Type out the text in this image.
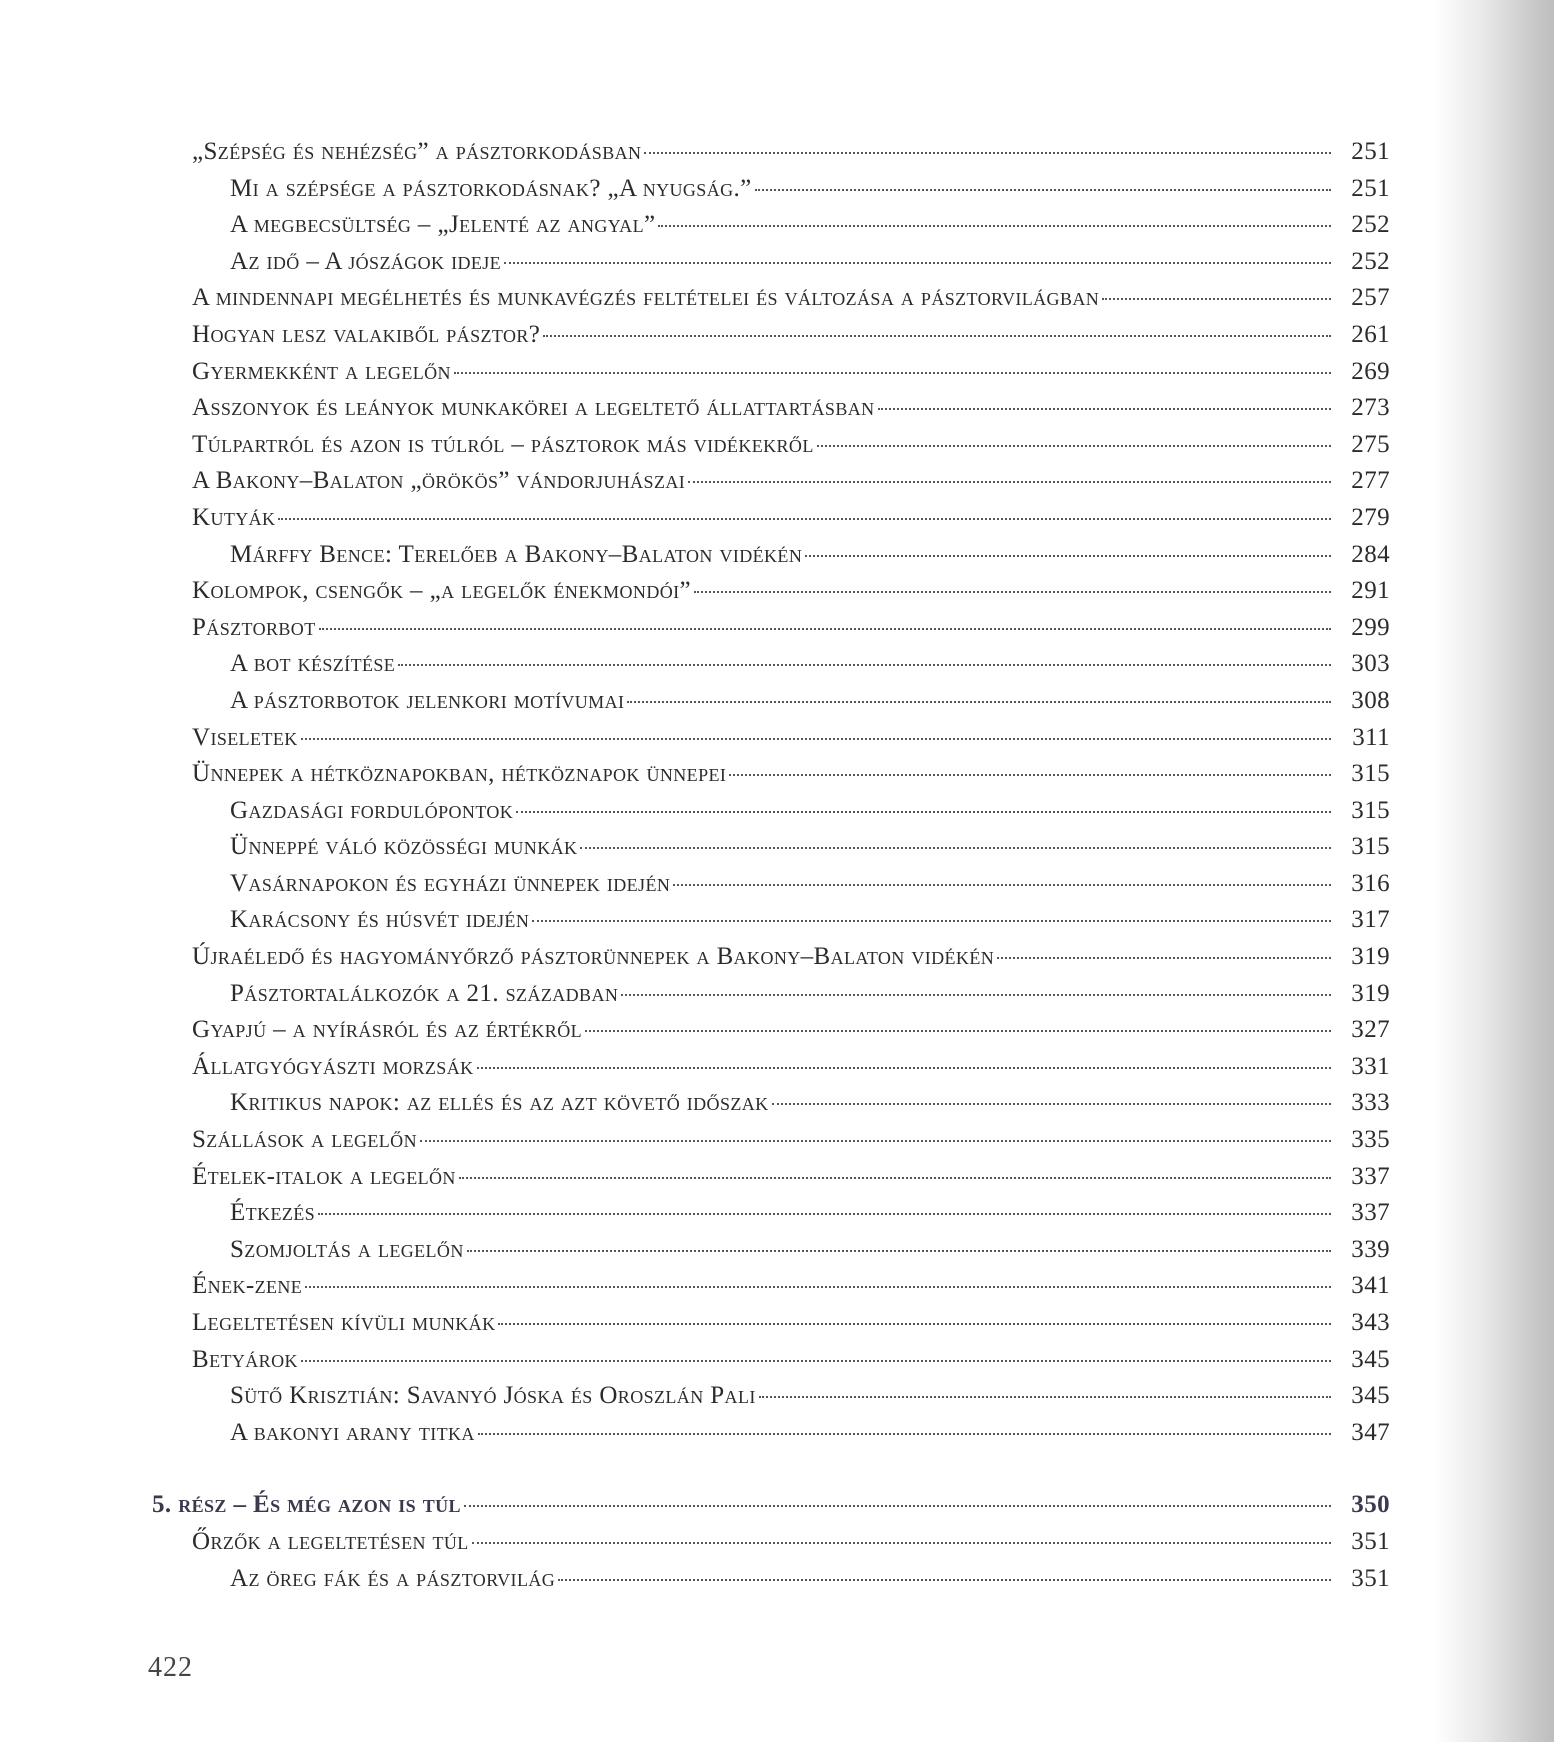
„Szépség és nehézség” a pásztorkodásban	251
Mi a szépsége a pásztorkodásnak? „A nyugság.”	251
A megbecsültség – „Jelenté az angyal”	252
Az idő – A jószágok ideje	252
A mindennapi megélhetés és munkavégzés feltételei és változása a pásztorvilágban	257
Hogyan lesz valakiből pásztor?	261
Gyermekként a legelőn	269
Asszonyok és leányok munkakörei a legeltető állattartásban	273
Túlpartról és azon is túlról – pásztorok más vidékekről	275
A Bakony–Balaton „örökös” vándorjuhászai	277
Kutyák	279
Márffy Bence: Terelőeb a Bakony–Balaton vidékén	284
Kolompok, csengők – „a legelők énekmondói”	291
Pásztorbot	299
A bot készítése	303
A pásztorbotok jelenkori motívumai	308
Viseletek	311
Ünnepek a hétköznapokban, hétköznapok ünnepei	315
Gazdasági fordulópontok	315
Ünneppé váló közösségi munkák	315
Vasárnapokon és egyházi ünnepek idején	316
Karácsony és húsvét idején	317
Újraéledő és hagyományőrző pásztorünnepek a Bakony–Balaton vidékén	319
Pásztortalálkozók a 21. században	319
Gyapjú – a nyírásról és az értékről	327
Állatgyógyászti morzsák	331
Kritikus napok: az ellés és az azt követő időszak	333
Szállások a legelőn	335
Ételek-italok a legelőn	337
Étkezés	337
Szomjoltás a legelőn	339
Ének-zene	341
Legeltetésen kívüli munkák	343
Betyárok	345
Sütő Krisztián: Savanyó Jóska és Oroszlán Pali	345
A bakonyi arany titka	347
5. rész – És még azon is túl	350
Őrzők a legeltetésen túl	351
Az öreg fák és a pásztorvilág	351
422
